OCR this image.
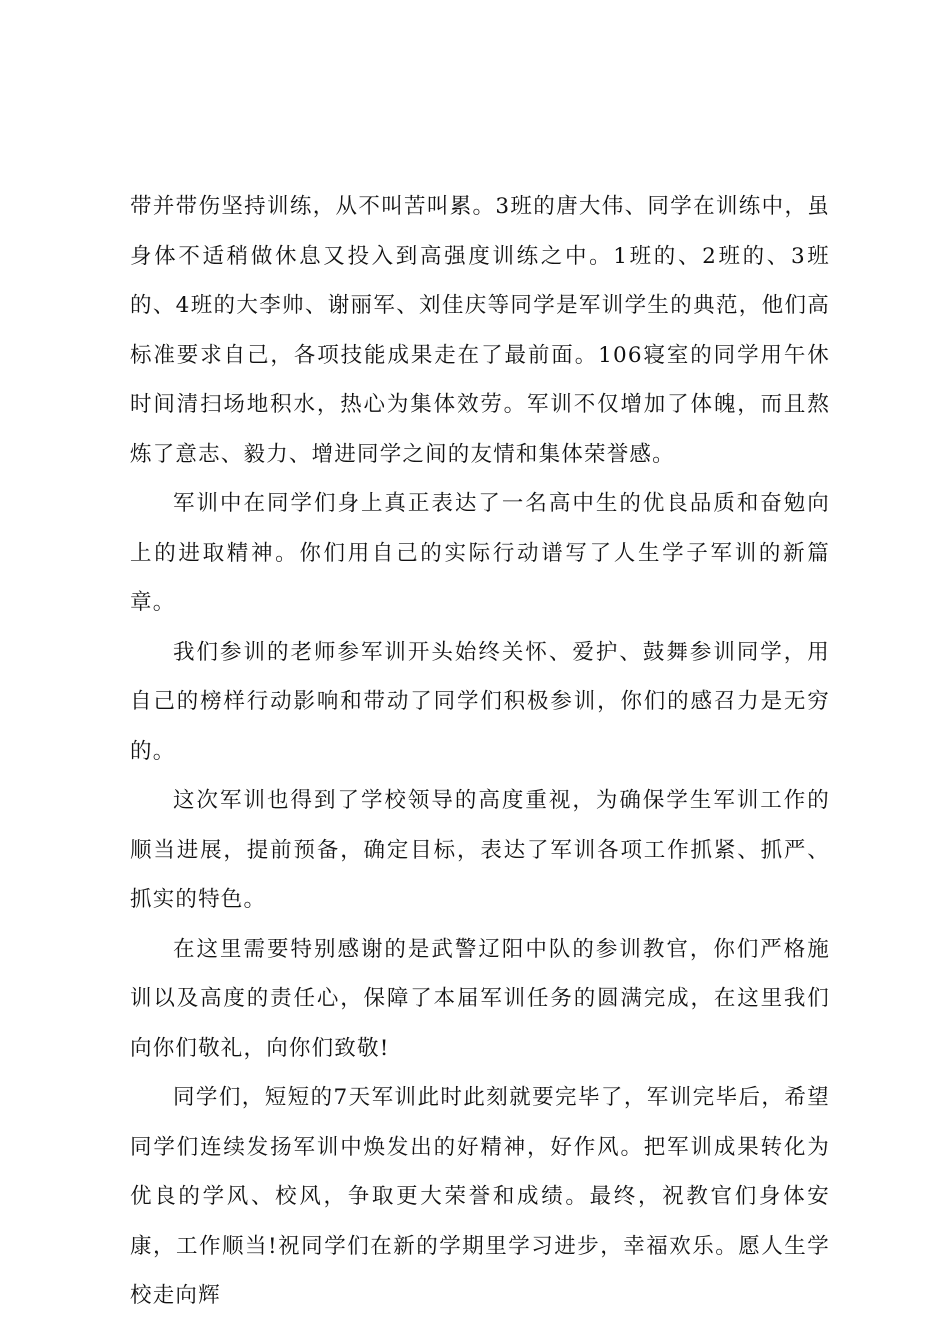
带并带伤坚持训练，从不叫苦叫累。3班的唐大伟、同学在训练中，虽身体不适稍做休息又投入到高强度训练之中。1班的、2班的、3班的、4班的大李帅、谢丽军、刘佳庆等同学是军训学生的典范，他们高标准要求自己，各项技能成果走在了最前面。106寝室的同学用午休时间清扫场地积水，热心为集体效劳。军训不仅增加了体魄，而且熬炼了意志、毅力、增进同学之间的友情和集体荣誉感。

军训中在同学们身上真正表达了一名高中生的优良品质和奋勉向上的进取精神。你们用自己的实际行动谱写了人生学子军训的新篇章。

我们参训的老师参军训开头始终关怀、爱护、鼓舞参训同学，用自己的榜样行动影响和带动了同学们积极参训，你们的感召力是无穷的。

这次军训也得到了学校领导的高度重视，为确保学生军训工作的顺当进展，提前预备，确定目标，表达了军训各项工作抓紧、抓严、抓实的特色。

在这里需要特别感谢的是武警辽阳中队的参训教官，你们严格施训以及高度的责任心，保障了本届军训任务的圆满完成，在这里我们向你们敬礼，向你们致敬!

同学们，短短的7天军训此时此刻就要完毕了，军训完毕后，希望同学们连续发扬军训中焕发出的好精神，好作风。把军训成果转化为优良的学风、校风，争取更大荣誉和成绩。最终，祝教官们身体安康，工作顺当!祝同学们在新的学期里学习进步，幸福欢乐。愿人生学校走向辉
